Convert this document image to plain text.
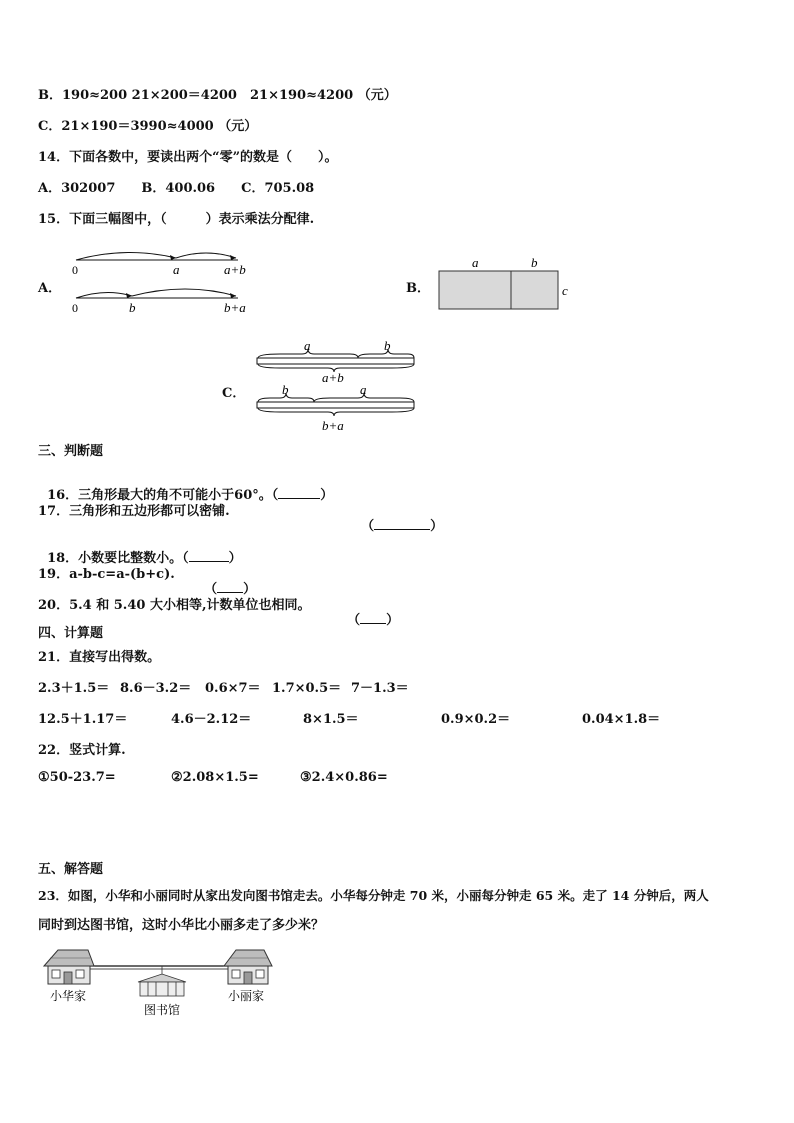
B．190≈200 21×200＝4200　21×190≈4200 （元）
C．21×190＝3990≈4000 （元）
14．下面各数中，要读出两个“零”的数是（　　）。
A．302007　　B．400.06　　C．705.08
15．下面三幅图中，（　　　）表示乘法分配律.
A．
0	a	a+b
0	b	b+a
B．
a	b
c
C．
a	b
a+b
b	a
b+a
三、判断题

16．三角形最大的角不可能小于60°。（	）

17．三角形和五边形都可以密铺.

（	）

18．小数要比整数小。（	）

19．a-b-c=a-(b+c).

（ ）

20．5.4 和 5.40 大小相等,计数单位也相同。

（ ）

四、计算题
21．直接写出得数。
2.3＋1.5＝ 8.6－3.2＝ 0.6×7＝ 1.7×0.5＝ 7－1.3＝
12.5＋1.17＝	4.6－2.12＝	8×1.5＝	0.9×0.2＝	0.04×1.8＝
22．竖式计算.
①50-23.7=	②2.08×1.5=	③2.4×0.86=
五、解答题
23．如图，小华和小丽同时从家出发向图书馆走去。小华每分钟走 70 米，小丽每分钟走 65 米。走了 14 分钟后，两人
同时到达图书馆，这时小华比小丽多走了多少米？
小华家
图书馆
小丽家
